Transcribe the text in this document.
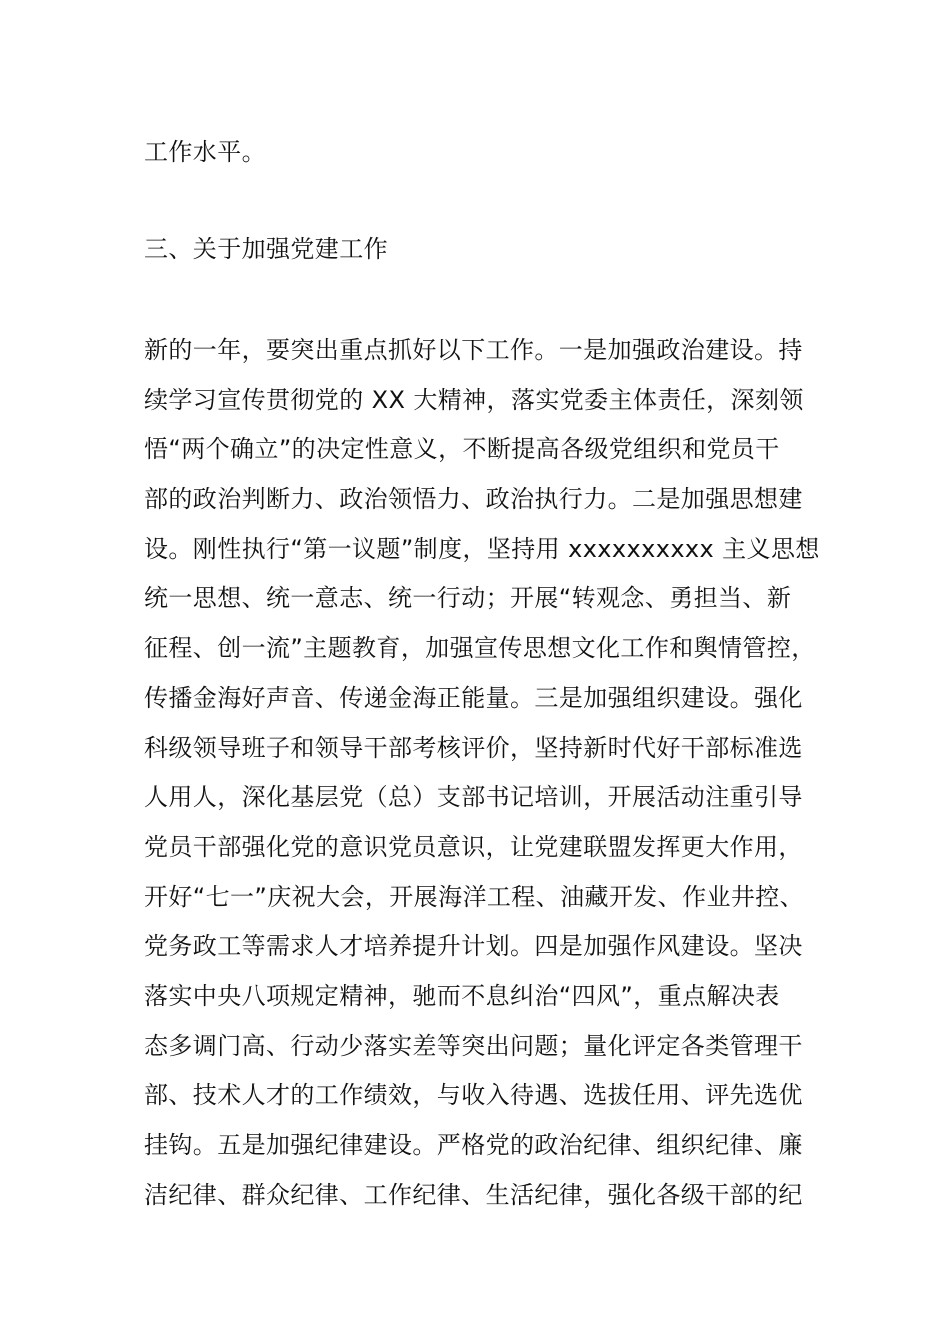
工作水平。
三、关于加强党建工作
新的一年，要突出重点抓好以下工作。一是加强政治建设。持
续学习宣传贯彻党的 XX 大精神，落实党委主体责任，深刻领
悟“两个确立”的决定性意义，不断提高各级党组织和党员干
部的政治判断力、政治领悟力、政治执行力。二是加强思想建
设。刚性执行“第一议题”制度，坚持用 xxxxxxxxxx 主义思想
统一思想、统一意志、统一行动；开展“转观念、勇担当、新
征程、创一流”主题教育，加强宣传思想文化工作和舆情管控，
传播金海好声音、传递金海正能量。三是加强组织建设。强化
科级领导班子和领导干部考核评价，坚持新时代好干部标准选
人用人，深化基层党（总）支部书记培训，开展活动注重引导
党员干部强化党的意识党员意识，让党建联盟发挥更大作用，
开好“七一”庆祝大会，开展海洋工程、油藏开发、作业井控、
党务政工等需求人才培养提升计划。四是加强作风建设。坚决
落实中央八项规定精神，驰而不息纠治“四风”，重点解决表
态多调门高、行动少落实差等突出问题；量化评定各类管理干
部、技术人才的工作绩效，与收入待遇、选拔任用、评先选优
挂钩。五是加强纪律建设。严格党的政治纪律、组织纪律、廉
洁纪律、群众纪律、工作纪律、生活纪律，强化各级干部的纪
